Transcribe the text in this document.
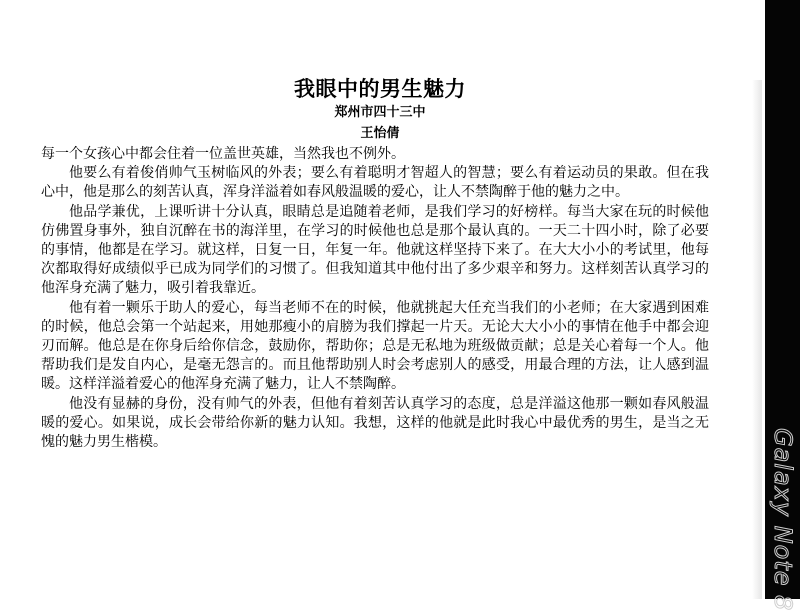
我眼中的男生魅力
郑州市四十三中
王怡倩

每一个女孩心中都会住着一位盖世英雄，当然我也不例外。

他要么有着俊俏帅气玉树临风的外表；要么有着聪明才智超人的智慧；要么有着运动员的果敢。但在我心中，他是那么的刻苦认真，浑身洋溢着如春风般温暖的爱心，让人不禁陶醉于他的魅力之中。

他品学兼优，上课听讲十分认真，眼睛总是追随着老师，是我们学习的好榜样。每当大家在玩的时候他仿佛置身事外，独自沉醉在书的海洋里，在学习的时候他也总是那个最认真的。一天二十四小时，除了必要的事情，他都是在学习。就这样，日复一日，年复一年。他就这样坚持下来了。在大大小小的考试里，他每次都取得好成绩似乎已成为同学们的习惯了。但我知道其中他付出了多少艰辛和努力。这样刻苦认真学习的他浑身充满了魅力，吸引着我靠近。

他有着一颗乐于助人的爱心，每当老师不在的时候，他就挑起大任充当我们的小老师；在大家遇到困难的时候，他总会第一个站起来，用她那瘦小的肩膀为我们撑起一片天。无论大大小小的事情在他手中都会迎刃而解。他总是在你身后给你信念，鼓励你，帮助你；总是无私地为班级做贡献；总是关心着每一个人。他帮助我们是发自内心，是毫无怨言的。而且他帮助别人时会考虑别人的感受，用最合理的方法，让人感到温暖。这样洋溢着爱心的他浑身充满了魅力，让人不禁陶醉。

他没有显赫的身份，没有帅气的外表，但他有着刻苦认真学习的态度，总是洋溢这他那一颗如春风般温暖的爱心。如果说，成长会带给你新的魅力认知。我想，这样的他就是此时我心中最优秀的男生，是当之无愧的魅力男生楷模。	Galaxy Note 8
